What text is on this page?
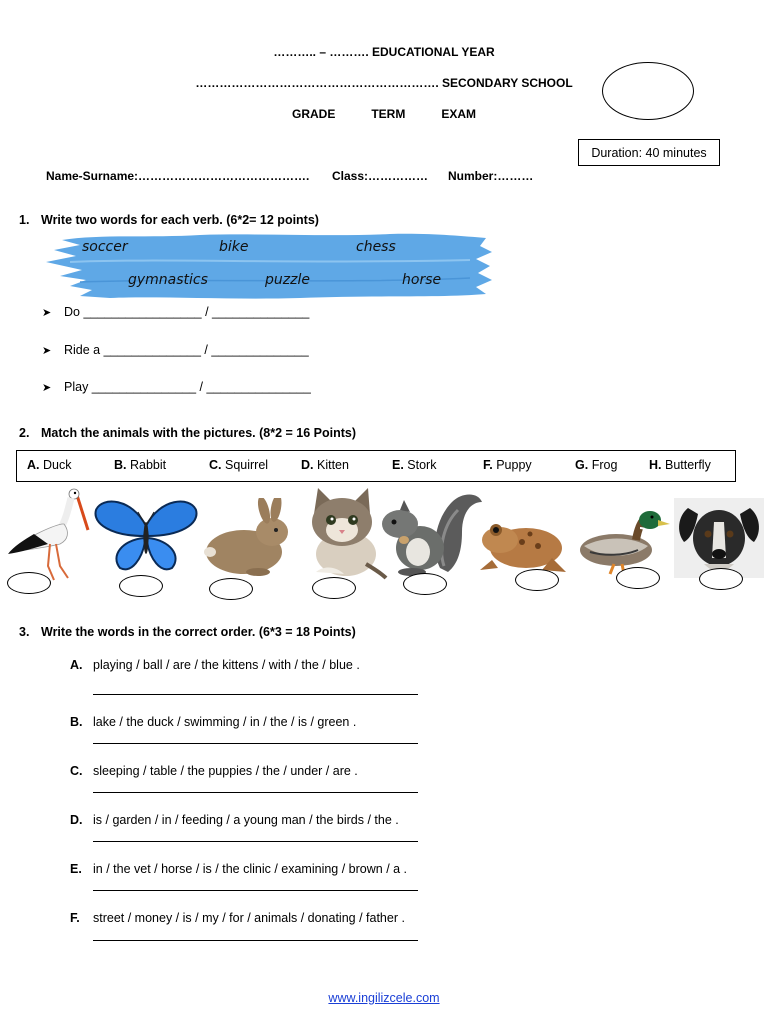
……….. – ………. EDUCATIONAL YEAR
……………………………………………………. SECONDARY SCHOOL
GRADE	TERM	EXAM
Duration: 40 minutes
Name-Surname:……………………………………. Class:…………… Number:………
1. Write two words for each verb. (6*2= 12 points)
soccer	bike	chess
gymnastics	puzzle	horse
➤ Do _________________ / ______________
➤ Ride a ______________ / ______________
➤ Play _______________ / _______________
2. Match the animals with the pictures. (8*2 = 16 Points)
A. Duck	B. Rabbit	C. Squirrel	D. Kitten	E. Stork	F. Puppy	G. Frog	H. Butterfly
3. Write the words in the correct order. (6*3 = 18 Points)
A. playing / ball / are / the kittens / with / the / blue .
B. lake / the duck / swimming / in / the / is / green .
C. sleeping / table / the puppies / the / under / are .
D. is / garden / in / feeding / a young man / the birds / the .
E. in / the vet / horse / is / the clinic / examining / brown / a .
F. street / money / is / my / for / animals / donating / father .
www.ingilizcele.com
